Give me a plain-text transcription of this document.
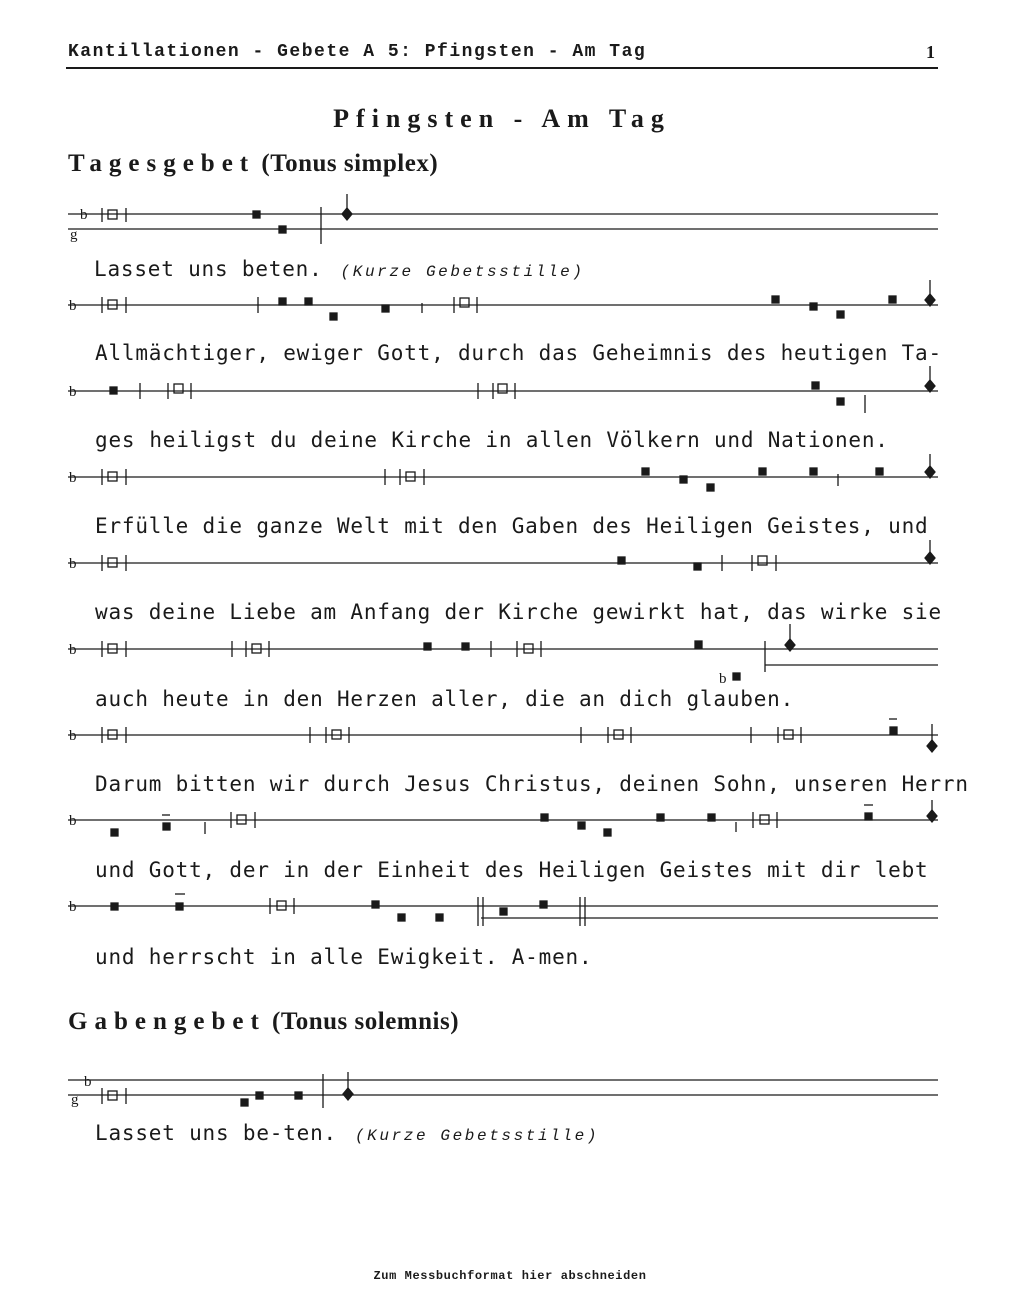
Kantillationen - Gebete A 5: Pfingsten - Am Tag	1
Pfingsten - Am Tag
Tagesgebet (Tonus simplex)
Gabengebet (Tonus solemnis)
Lasset uns beten. (Kurze Gebetsstille)
Allmächtiger, ewiger Gott, durch das Geheimnis des heutigen Ta-
ges heiligst du deine Kirche in allen Völkern und Nationen.
Erfülle die ganze Welt mit den Gaben des Heiligen Geistes, und
was deine Liebe am Anfang der Kirche gewirkt hat, das wirke sie
auch heute in den Herzen aller, die an dich glauben.
Darum bitten wir durch Jesus Christus, deinen Sohn, unseren Herrn
und Gott, der in der Einheit des Heiligen Geistes mit dir lebt
und herrscht in alle Ewigkeit. A-men.
Lasset uns be-ten. (Kurze Gebetsstille)
b
g
b
b
b
b
b
b
b
b
b
b
g
Zum Messbuchformat hier abschneiden
